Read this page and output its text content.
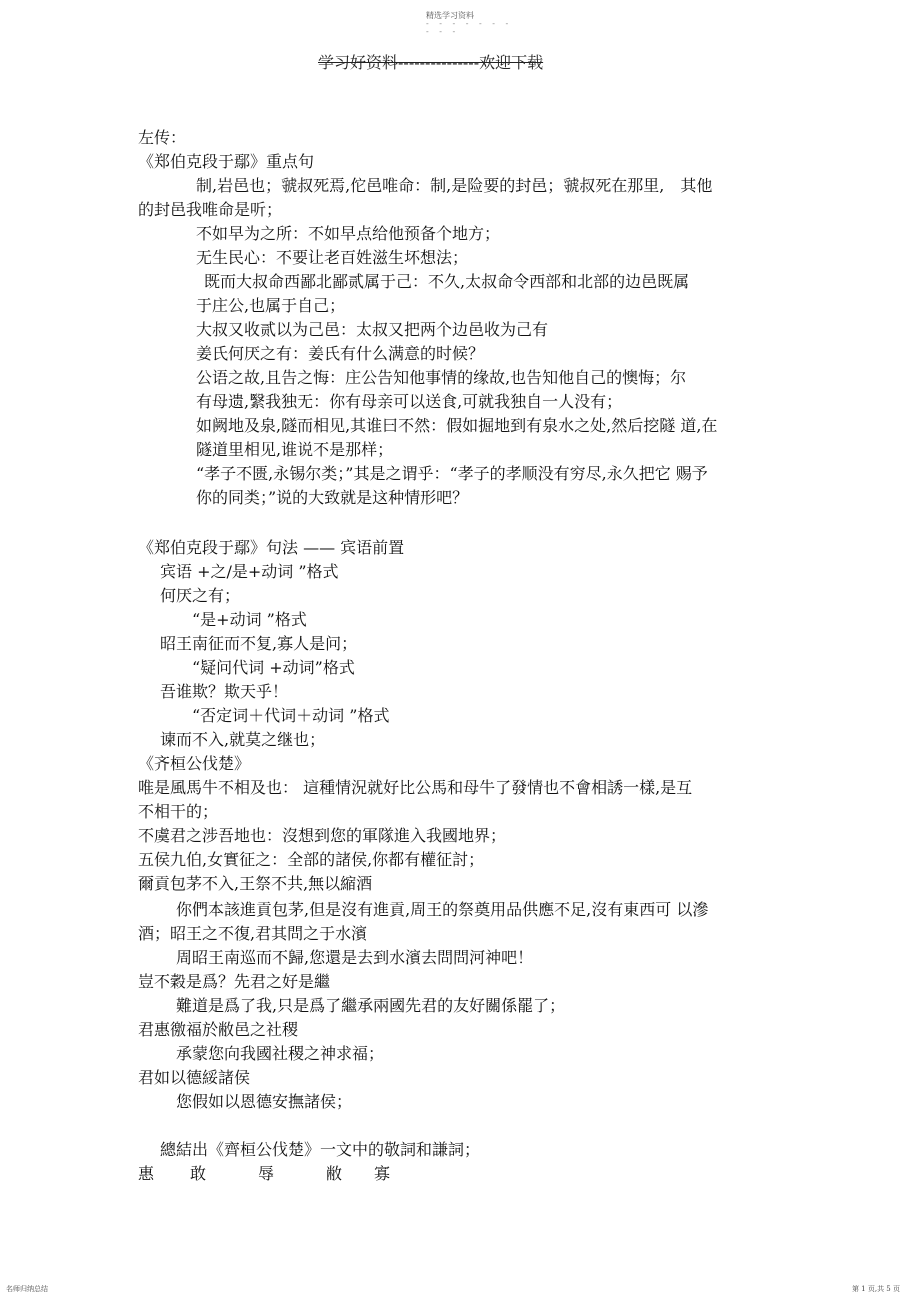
精选学习资料
- - - - - - -
- - -
学习好资料---------------欢迎下载
左传：
《郑伯克段于鄢》重点句
制,岩邑也；虢叔死焉,佗邑唯命：制,是险要的封邑；虢叔死在那里,　其他
的封邑我唯命是听；
不如早为之所：不如早点给他预备个地方；
无生民心：不要让老百姓滋生坏想法；
既而大叔命西鄙北鄙贰属于己：不久,太叔命令西部和北部的边邑既属
于庄公,也属于自己；
大叔又收贰以为己邑：太叔又把两个边邑收为己有
姜氏何厌之有：姜氏有什么满意的时候？
公语之故,且告之悔：庄公告知他事情的缘故,也告知他自己的懊悔；尔
有母遗,繄我独无：你有母亲可以送食,可就我独自一人没有；
如阙地及泉,隧而相见,其谁曰不然：假如掘地到有泉水之处,然后挖隧 道,在
隧道里相见,谁说不是那样；
“孝子不匮,永锡尔类；”其是之谓乎：“孝子的孝顺没有穷尽,永久把它 赐予
你的同类；”说的大致就是这种情形吧？
《郑伯克段于鄢》句法 —— 宾语前置
宾语 +之/是+动词 ”格式
何厌之有；
“是+动词 ”格式
昭王南征而不复,寡人是问；
“疑问代词 +动词”格式
吾谁欺？欺天乎！
“否定词＋代词＋动词 ”格式
谏而不入,就莫之继也；
《齐桓公伐楚》
唯是風馬牛不相及也： 這種情況就好比公馬和母牛了發情也不會相誘一樣,是互
不相干的；
不虞君之涉吾地也：沒想到您的軍隊進入我國地界；
五侯九伯,女實征之：全部的諸侯,你都有權征討；
爾貢包茅不入,王祭不共,無以縮酒
你們本該進貢包茅,但是沒有進貢,周王的祭奠用品供應不足,沒有東西可 以滲
酒；昭王之不復,君其問之于水濱
周昭王南巡而不歸,您還是去到水濱去問問河神吧！
豈不穀是爲？先君之好是繼
難道是爲了我,只是爲了繼承兩國先君的友好關係罷了；
君惠徼福於敝邑之社稷
承蒙您向我國社稷之神求福；
君如以德綏諸侯
您假如以恩德安撫諸侯；
總結出《齊桓公伐楚》一文中的敬詞和謙詞；
惠 敢	辱	敝 寡
名师归纳总结	第 1 页,共 5 页
